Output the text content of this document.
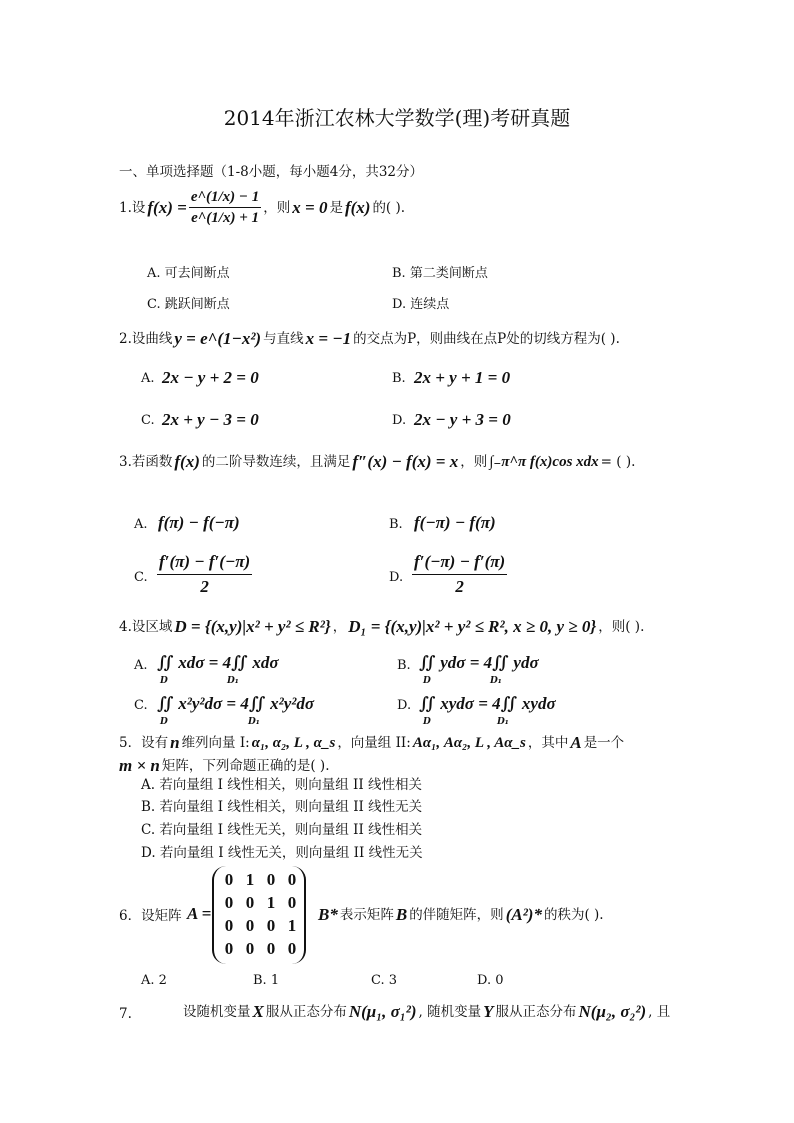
2014年浙江农林大学数学(理)考研真题
一、单项选择题（1-8小题，每小题4分，共32分）
1.设 $f(x) = \frac{e\^{}(1/x) - 1}{e\^{}(1/x) + 1}$ ，则 x = 0 是 f(x) 的( ).
A. 可去间断点	B. 第二类间断点
C. 跳跃间断点	D. 连续点
2.设曲线 y = e^(1−x²) 与直线 x = −1 的交点为P，则曲线在点P处的切线方程为( ).
A. 2x − y + 2 = 0	B. 2x + y + 1 = 0
C. 2x + y − 3 = 0	D. 2x − y + 3 = 0
3.若函数 f(x) 的二阶导数连续，且满足 f″(x) − f(x) = x ，则 ∫₋π^π f(x)cos xdx = ( ).
A. f(π) − f(−π)	B. f(−π) − f(π)
C. $\frac{f'(\pi) - f'(-\pi)}{2}$	D. $\frac{f'(-\pi) - f'(\pi)}{2}$
4.设区域 D = {(x,y)|x² + y² ≤ R²} ， D₁ = {(x,y)|x² + y² ≤ R², x ≥ 0, y ≥ 0} ，则( ).
A. ∬ xdσ = 4∬ xdσ
D	D₁
B. ∬ ydσ = 4∬ ydσ
D	D₁
C. ∬ x²y²dσ = 4∬ x²y²dσ
D	D₁
D. ∬ xydσ = 4∬ xydσ
D	D₁
5．设有 n 维列向量 I: α₁, α₂, L , α_s ，向量组 II: Aα₁, Aα₂, L , Aα_s ，其中 A 是一个
m × n 矩阵，下列命题正确的是( ).
A. 若向量组 I 线性相关，则向量组 II 线性相关
B. 若向量组 I 线性相关，则向量组 II 线性无关
C. 若向量组 I 线性无关，则向量组 II 线性相关
D. 若向量组 I 线性无关，则向量组 II 线性无关
6．设矩阵 A =
0 1 0 0
0 0 1 0
0 0 0 1
0 0 0 0
B* 表示矩阵 B 的伴随矩阵，则 (A²)* 的秩为( ).
A. 2	B. 1	C. 3	D. 0
7.	设随机变量 X 服从正态分布 N(μ₁, σ₁²) , 随机变量 Y 服从正态分布 N(μ₂, σ₂²) , 且
